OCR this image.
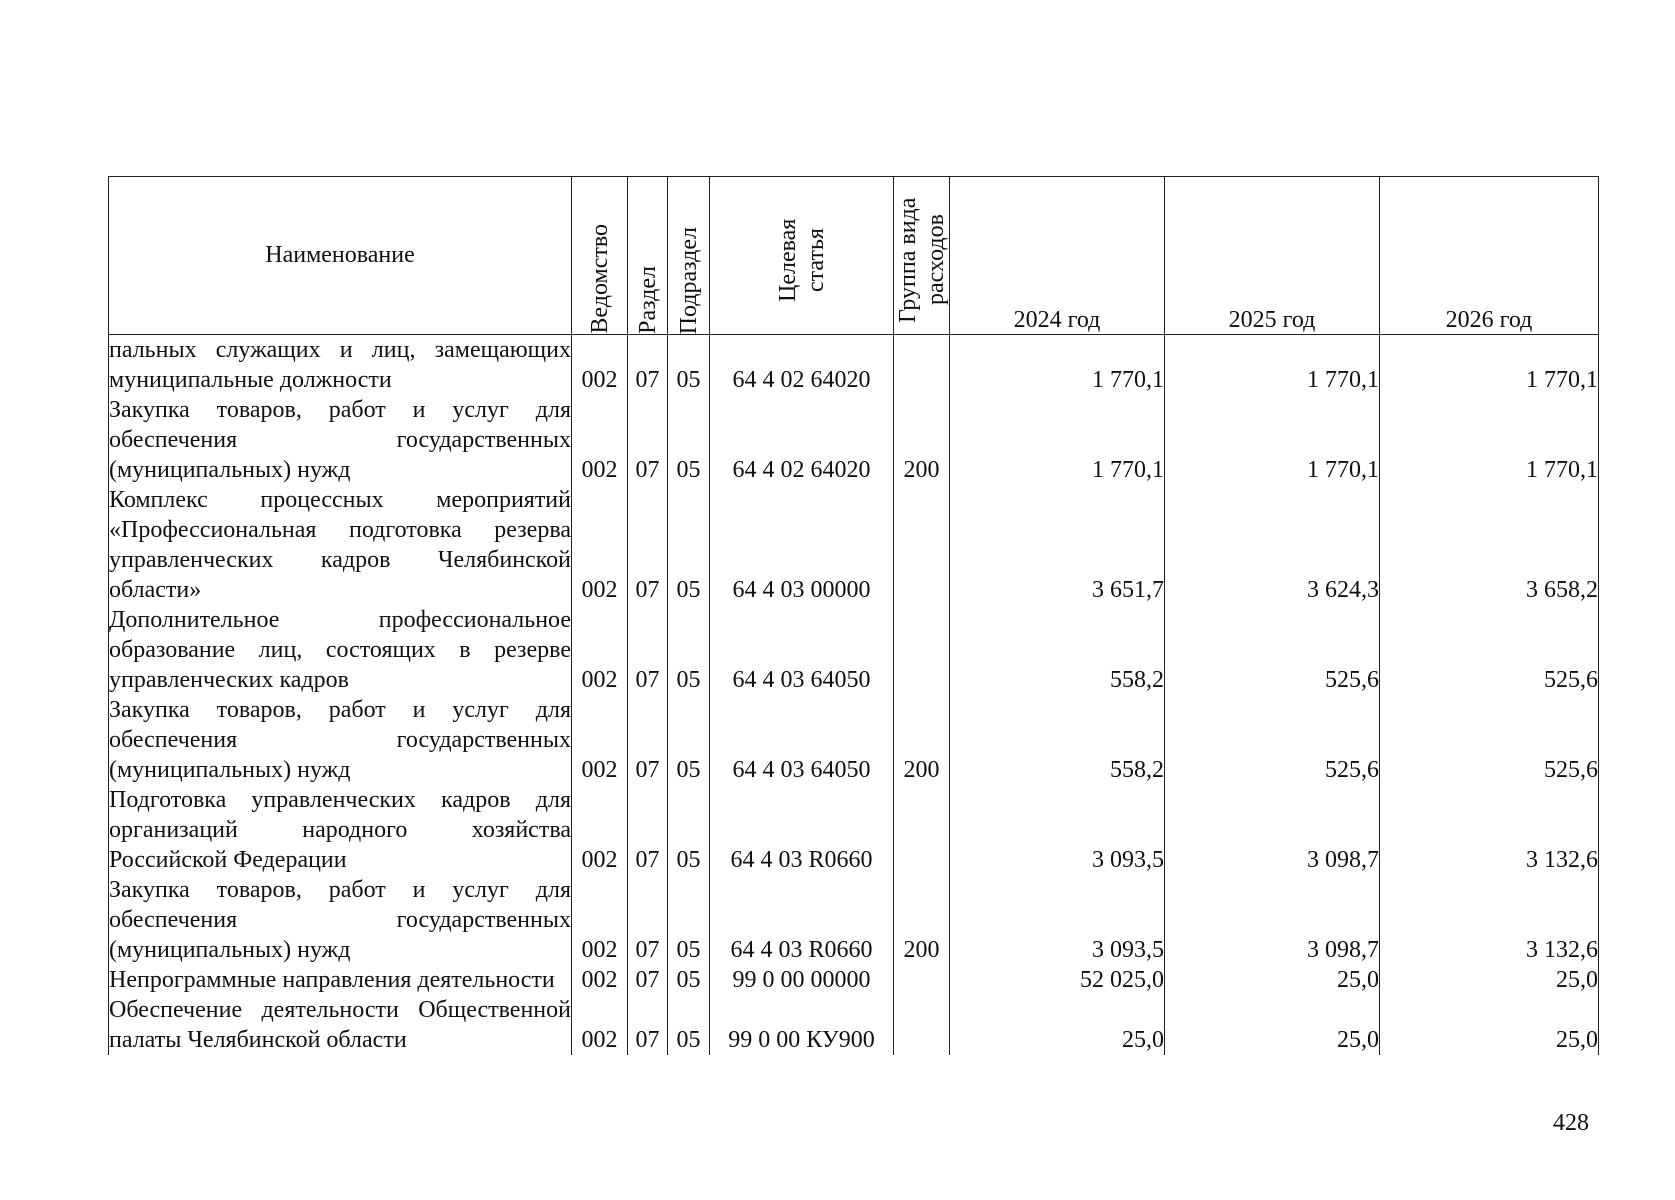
Наименование	Ведомство	Раздел	Подраздел	Целевая статья	Группа вида расходов	2024 год	2025 год	2026 год
пальных служащих и лиц, замещающих муниципальные должности	002	07	05	64 4 02 64020		1 770,1	1 770,1	1 770,1
Закупка товаров, работ и услуг для обеспечения государственных (муниципальных) нужд	002	07	05	64 4 02 64020	200	1 770,1	1 770,1	1 770,1
Комплекс процессных мероприятий «Профессиональная подготовка резерва управленческих кадров Челябинской области»	002	07	05	64 4 03 00000		3 651,7	3 624,3	3 658,2
Дополнительное профессиональное образование лиц, состоящих в резерве управленческих кадров	002	07	05	64 4 03 64050		558,2	525,6	525,6
Закупка товаров, работ и услуг для обеспечения государственных (муниципальных) нужд	002	07	05	64 4 03 64050	200	558,2	525,6	525,6
Подготовка управленческих кадров для организаций народного хозяйства Российской Федерации	002	07	05	64 4 03 R0660		3 093,5	3 098,7	3 132,6
Закупка товаров, работ и услуг для обеспечения государственных (муниципальных) нужд	002	07	05	64 4 03 R0660	200	3 093,5	3 098,7	3 132,6
Непрограммные направления деятельности	002	07	05	99 0 00 00000		52 025,0	25,0	25,0
Обеспечение деятельности Общественной палаты Челябинской области	002	07	05	99 0 00 КУ900		25,0	25,0	25,0
428
